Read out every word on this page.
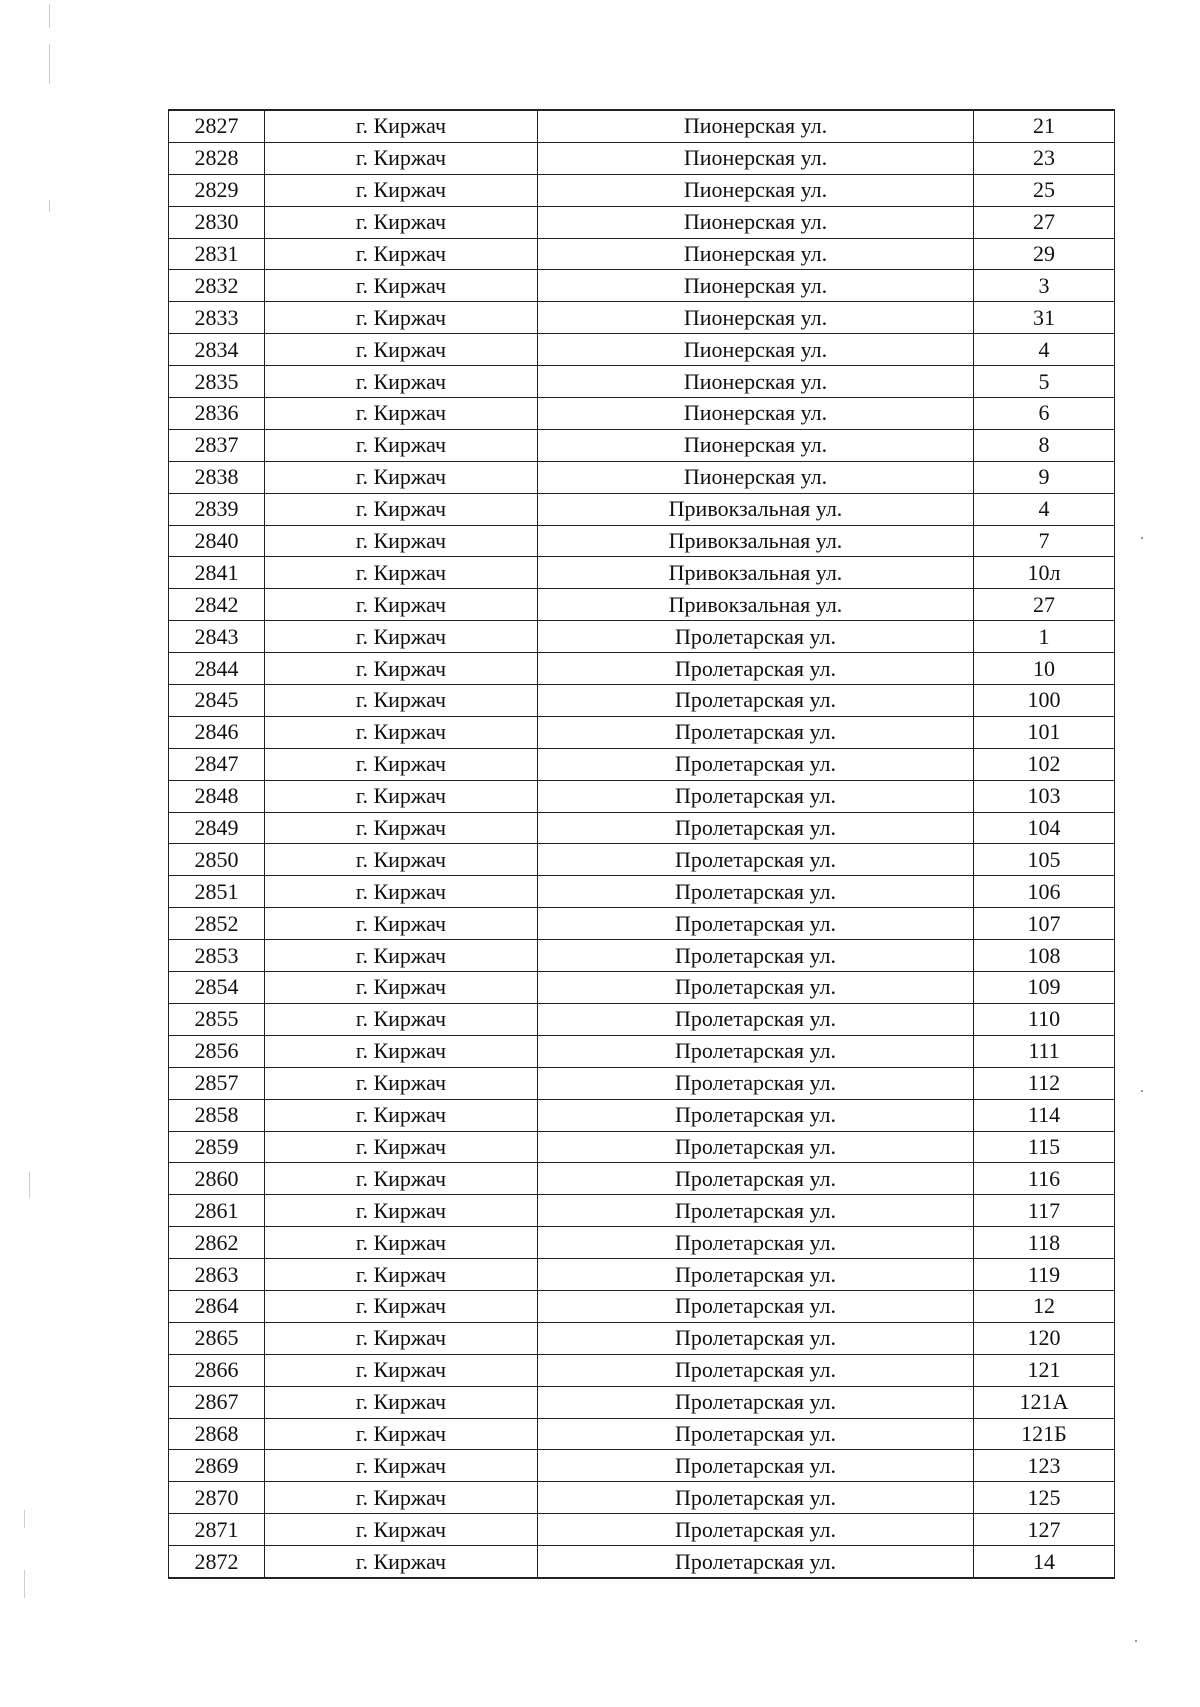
2827	г. Киржач	Пионерская ул.	21
2828	г. Киржач	Пионерская ул.	23
2829	г. Киржач	Пионерская ул.	25
2830	г. Киржач	Пионерская ул.	27
2831	г. Киржач	Пионерская ул.	29
2832	г. Киржач	Пионерская ул.	3
2833	г. Киржач	Пионерская ул.	31
2834	г. Киржач	Пионерская ул.	4
2835	г. Киржач	Пионерская ул.	5
2836	г. Киржач	Пионерская ул.	6
2837	г. Киржач	Пионерская ул.	8
2838	г. Киржач	Пионерская ул.	9
2839	г. Киржач	Привокзальная ул.	4
2840	г. Киржач	Привокзальная ул.	7
2841	г. Киржач	Привокзальная ул.	10л
2842	г. Киржач	Привокзальная ул.	27
2843	г. Киржач	Пролетарская ул.	1
2844	г. Киржач	Пролетарская ул.	10
2845	г. Киржач	Пролетарская ул.	100
2846	г. Киржач	Пролетарская ул.	101
2847	г. Киржач	Пролетарская ул.	102
2848	г. Киржач	Пролетарская ул.	103
2849	г. Киржач	Пролетарская ул.	104
2850	г. Киржач	Пролетарская ул.	105
2851	г. Киржач	Пролетарская ул.	106
2852	г. Киржач	Пролетарская ул.	107
2853	г. Киржач	Пролетарская ул.	108
2854	г. Киржач	Пролетарская ул.	109
2855	г. Киржач	Пролетарская ул.	110
2856	г. Киржач	Пролетарская ул.	111
2857	г. Киржач	Пролетарская ул.	112
2858	г. Киржач	Пролетарская ул.	114
2859	г. Киржач	Пролетарская ул.	115
2860	г. Киржач	Пролетарская ул.	116
2861	г. Киржач	Пролетарская ул.	117
2862	г. Киржач	Пролетарская ул.	118
2863	г. Киржач	Пролетарская ул.	119
2864	г. Киржач	Пролетарская ул.	12
2865	г. Киржач	Пролетарская ул.	120
2866	г. Киржач	Пролетарская ул.	121
2867	г. Киржач	Пролетарская ул.	121А
2868	г. Киржач	Пролетарская ул.	121Б
2869	г. Киржач	Пролетарская ул.	123
2870	г. Киржач	Пролетарская ул.	125
2871	г. Киржач	Пролетарская ул.	127
2872	г. Киржач	Пролетарская ул.	14
